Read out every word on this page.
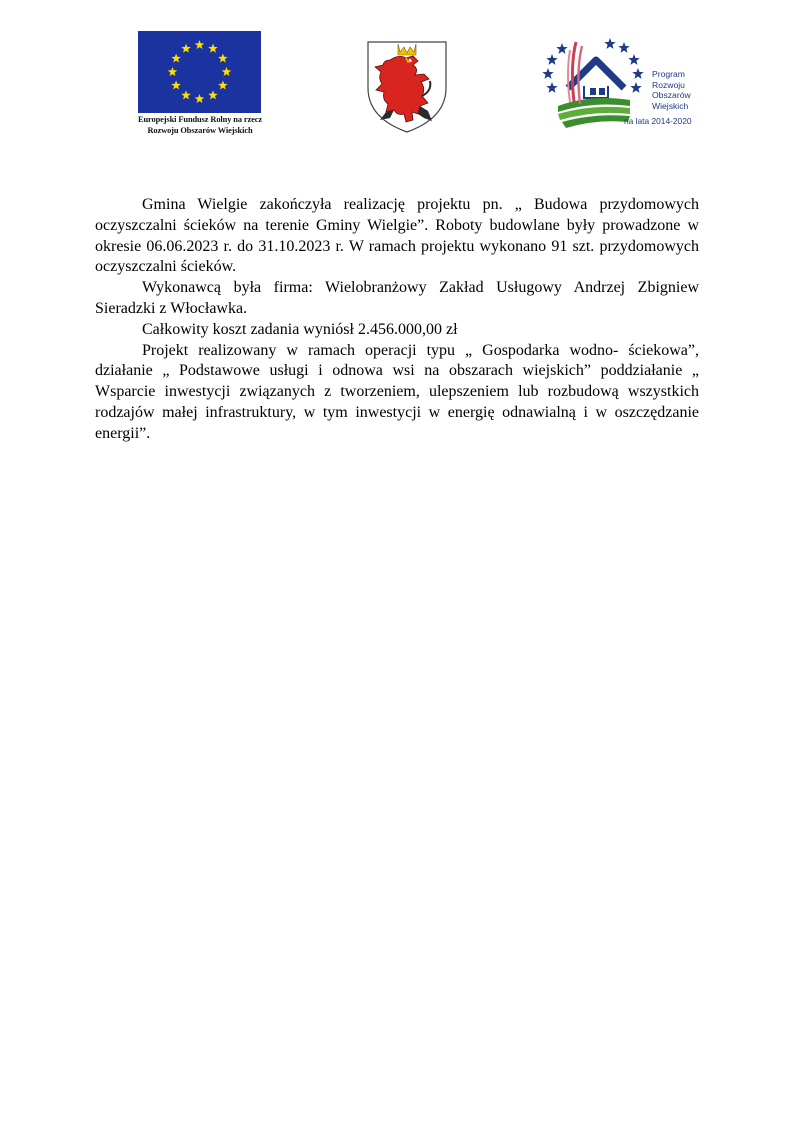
Europejski Fundusz Rolny na rzecz
Rozwoju Obszarów Wiejskich
Program
Rozwoju
Obszarów
Wiejskich
na lata 2014-2020

Gmina Wielgie zakończyła realizację projektu pn. „ Budowa przydomowych oczyszczalni ścieków na terenie Gminy Wielgie”. Roboty budowlane były prowadzone w okresie 06.06.2023 r. do 31.10.2023 r. W ramach projektu wykonano 91 szt. przydomowych oczyszczalni ścieków.

Wykonawcą była firma: Wielobranżowy Zakład Usługowy Andrzej Zbigniew Sieradzki z Włocławka.

Całkowity koszt zadania wyniósł 2.456.000,00 zł

Projekt realizowany w ramach operacji typu „ Gospodarka wodno- ściekowa”, działanie „ Podstawowe usługi i odnowa wsi na obszarach wiejskich” poddziałanie „ Wsparcie inwestycji związanych z tworzeniem, ulepszeniem lub rozbudową wszystkich rodzajów małej infrastruktury, w tym inwestycji w energię odnawialną i w oszczędzanie energii”.
